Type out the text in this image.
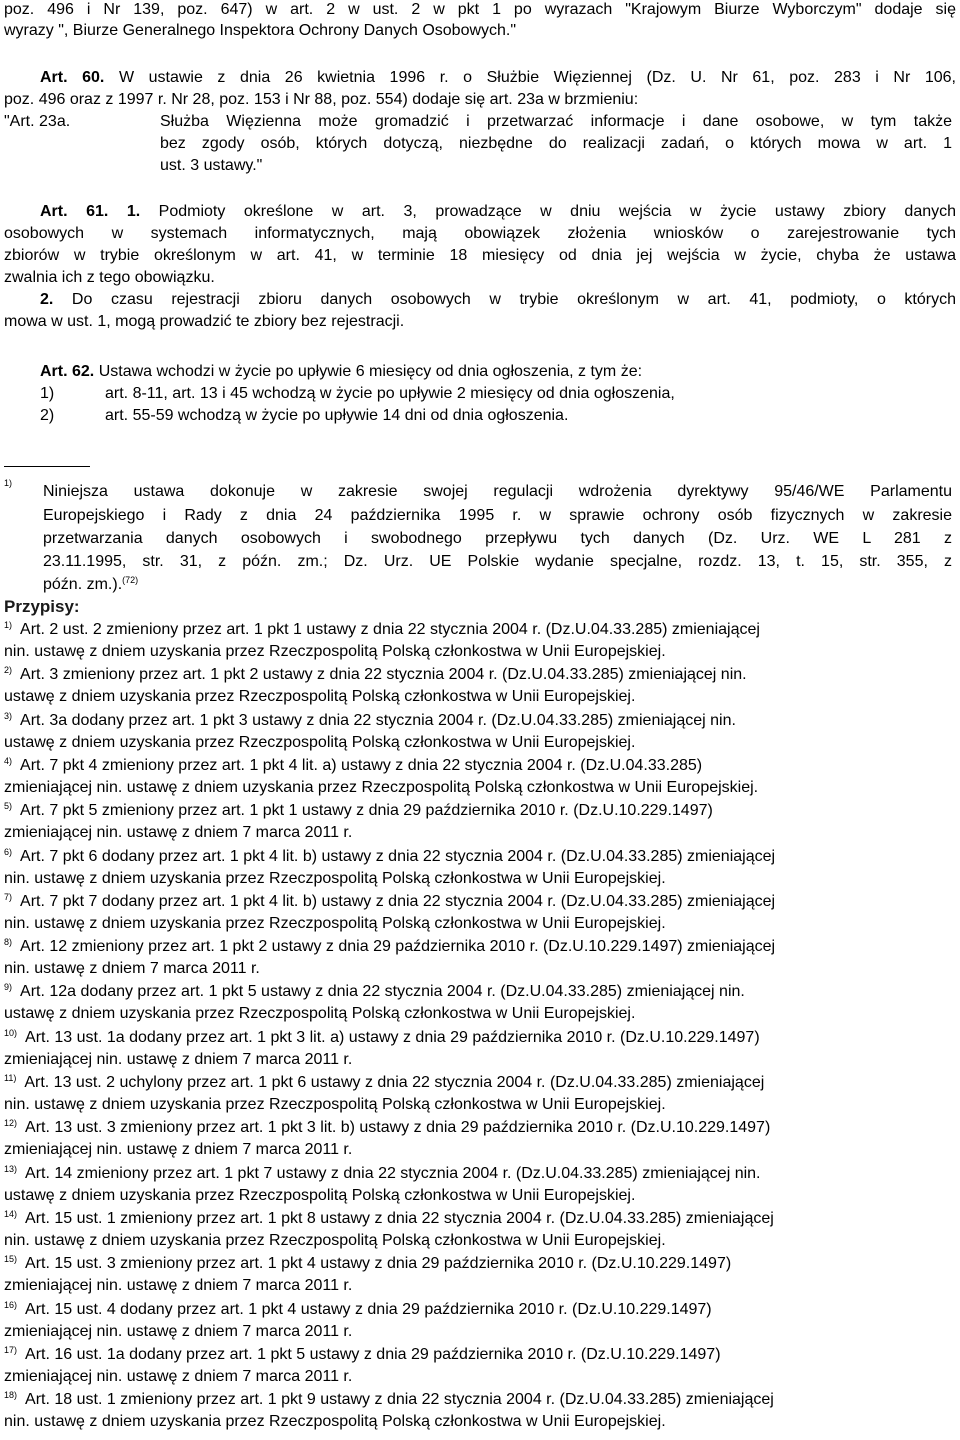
poz. 496 i Nr 139, poz. 647) w art. 2 w ust. 2 w pkt 1 po wyrazach "Krajowym Biurze Wyborczym" dodaje się
wyrazy ", Biurze Generalnego Inspektora Ochrony Danych Osobowych."
Art. 60. W ustawie z dnia 26 kwietnia 1996 r. o Służbie Więziennej (Dz. U. Nr 61, poz. 283 i Nr 106,
poz. 496 oraz z 1997 r. Nr 28, poz. 153 i Nr 88, poz. 554) dodaje się art. 23a w brzmieniu:
"Art. 23a.	Służba Więzienna może gromadzić i przetwarzać informacje i dane osobowe, w tym także
bez zgody osób, których dotyczą, niezbędne do realizacji zadań, o których mowa w art. 1
ust. 3 ustawy."
Art. 61. 1. Podmioty określone w art. 3, prowadzące w dniu wejścia w życie ustawy zbiory danych
osobowych w systemach informatycznych, mają obowiązek złożenia wniosków o zarejestrowanie tych
zbiorów w trybie określonym w art. 41, w terminie 18 miesięcy od dnia jej wejścia w życie, chyba że ustawa
zwalnia ich z tego obowiązku.
2. Do czasu rejestracji zbioru danych osobowych w trybie określonym w art. 41, podmioty, o których
mowa w ust. 1, mogą prowadzić te zbiory bez rejestracji.
Art. 62. Ustawa wchodzi w życie po upływie 6 miesięcy od dnia ogłoszenia, z tym że:
1)	art. 8-11, art. 13 i 45 wchodzą w życie po upływie 2 miesięcy od dnia ogłoszenia,
2)	art. 55-59 wchodzą w życie po upływie 14 dni od dnia ogłoszenia.
$^{1)}$ Niniejsza ustawa dokonuje w zakresie swojej regulacji wdrożenia dyrektywy 95/46/WE Parlamentu
Europejskiego i Rady z dnia 24 października 1995 r. w sprawie ochrony osób fizycznych w zakresie
przetwarzania danych osobowych i swobodnego przepływu tych danych (Dz. Urz. WE L 281 z
23.11.1995, str. 31, z późn. zm.; Dz. Urz. UE Polskie wydanie specjalne, rozdz. 13, t. 15, str. 355, z
późn. zm.).$^{(72)}$
Przypisy:
$^{1)}$ Art. 2 ust. 2 zmieniony przez art. 1 pkt 1 ustawy z dnia 22 stycznia 2004 r. (Dz.U.04.33.285) zmieniającej
nin. ustawę z dniem uzyskania przez Rzeczpospolitą Polską członkostwa w Unii Europejskiej.
$^{2)}$ Art. 3 zmieniony przez art. 1 pkt 2 ustawy z dnia 22 stycznia 2004 r. (Dz.U.04.33.285) zmieniającej nin.
ustawę z dniem uzyskania przez Rzeczpospolitą Polską członkostwa w Unii Europejskiej.
$^{3)}$ Art. 3a dodany przez art. 1 pkt 3 ustawy z dnia 22 stycznia 2004 r. (Dz.U.04.33.285) zmieniającej nin.
ustawę z dniem uzyskania przez Rzeczpospolitą Polską członkostwa w Unii Europejskiej.
$^{4)}$ Art. 7 pkt 4 zmieniony przez art. 1 pkt 4 lit. a) ustawy z dnia 22 stycznia 2004 r. (Dz.U.04.33.285)
zmieniającej nin. ustawę z dniem uzyskania przez Rzeczpospolitą Polską członkostwa w Unii Europejskiej.
$^{5)}$ Art. 7 pkt 5 zmieniony przez art. 1 pkt 1 ustawy z dnia 29 października 2010 r. (Dz.U.10.229.1497)
zmieniającej nin. ustawę z dniem 7 marca 2011 r.
$^{6)}$ Art. 7 pkt 6 dodany przez art. 1 pkt 4 lit. b) ustawy z dnia 22 stycznia 2004 r. (Dz.U.04.33.285) zmieniającej
nin. ustawę z dniem uzyskania przez Rzeczpospolitą Polską członkostwa w Unii Europejskiej.
$^{7)}$ Art. 7 pkt 7 dodany przez art. 1 pkt 4 lit. b) ustawy z dnia 22 stycznia 2004 r. (Dz.U.04.33.285) zmieniającej
nin. ustawę z dniem uzyskania przez Rzeczpospolitą Polską członkostwa w Unii Europejskiej.
$^{8)}$ Art. 12 zmieniony przez art. 1 pkt 2 ustawy z dnia 29 października 2010 r. (Dz.U.10.229.1497) zmieniającej
nin. ustawę z dniem 7 marca 2011 r.
$^{9)}$ Art. 12a dodany przez art. 1 pkt 5 ustawy z dnia 22 stycznia 2004 r. (Dz.U.04.33.285) zmieniającej nin.
ustawę z dniem uzyskania przez Rzeczpospolitą Polską członkostwa w Unii Europejskiej.
$^{10)}$ Art. 13 ust. 1a dodany przez art. 1 pkt 3 lit. a) ustawy z dnia 29 października 2010 r. (Dz.U.10.229.1497)
zmieniającej nin. ustawę z dniem 7 marca 2011 r.
$^{11)}$ Art. 13 ust. 2 uchylony przez art. 1 pkt 6 ustawy z dnia 22 stycznia 2004 r. (Dz.U.04.33.285) zmieniającej
nin. ustawę z dniem uzyskania przez Rzeczpospolitą Polską członkostwa w Unii Europejskiej.
$^{12)}$ Art. 13 ust. 3 zmieniony przez art. 1 pkt 3 lit. b) ustawy z dnia 29 października 2010 r. (Dz.U.10.229.1497)
zmieniającej nin. ustawę z dniem 7 marca 2011 r.
$^{13)}$ Art. 14 zmieniony przez art. 1 pkt 7 ustawy z dnia 22 stycznia 2004 r. (Dz.U.04.33.285) zmieniającej nin.
ustawę z dniem uzyskania przez Rzeczpospolitą Polską członkostwa w Unii Europejskiej.
$^{14)}$ Art. 15 ust. 1 zmieniony przez art. 1 pkt 8 ustawy z dnia 22 stycznia 2004 r. (Dz.U.04.33.285) zmieniającej
nin. ustawę z dniem uzyskania przez Rzeczpospolitą Polską członkostwa w Unii Europejskiej.
$^{15)}$ Art. 15 ust. 3 zmieniony przez art. 1 pkt 4 ustawy z dnia 29 października 2010 r. (Dz.U.10.229.1497)
zmieniającej nin. ustawę z dniem 7 marca 2011 r.
$^{16)}$ Art. 15 ust. 4 dodany przez art. 1 pkt 4 ustawy z dnia 29 października 2010 r. (Dz.U.10.229.1497)
zmieniającej nin. ustawę z dniem 7 marca 2011 r.
$^{17)}$ Art. 16 ust. 1a dodany przez art. 1 pkt 5 ustawy z dnia 29 października 2010 r. (Dz.U.10.229.1497)
zmieniającej nin. ustawę z dniem 7 marca 2011 r.
$^{18)}$ Art. 18 ust. 1 zmieniony przez art. 1 pkt 9 ustawy z dnia 22 stycznia 2004 r. (Dz.U.04.33.285) zmieniającej
nin. ustawę z dniem uzyskania przez Rzeczpospolitą Polską członkostwa w Unii Europejskiej.
